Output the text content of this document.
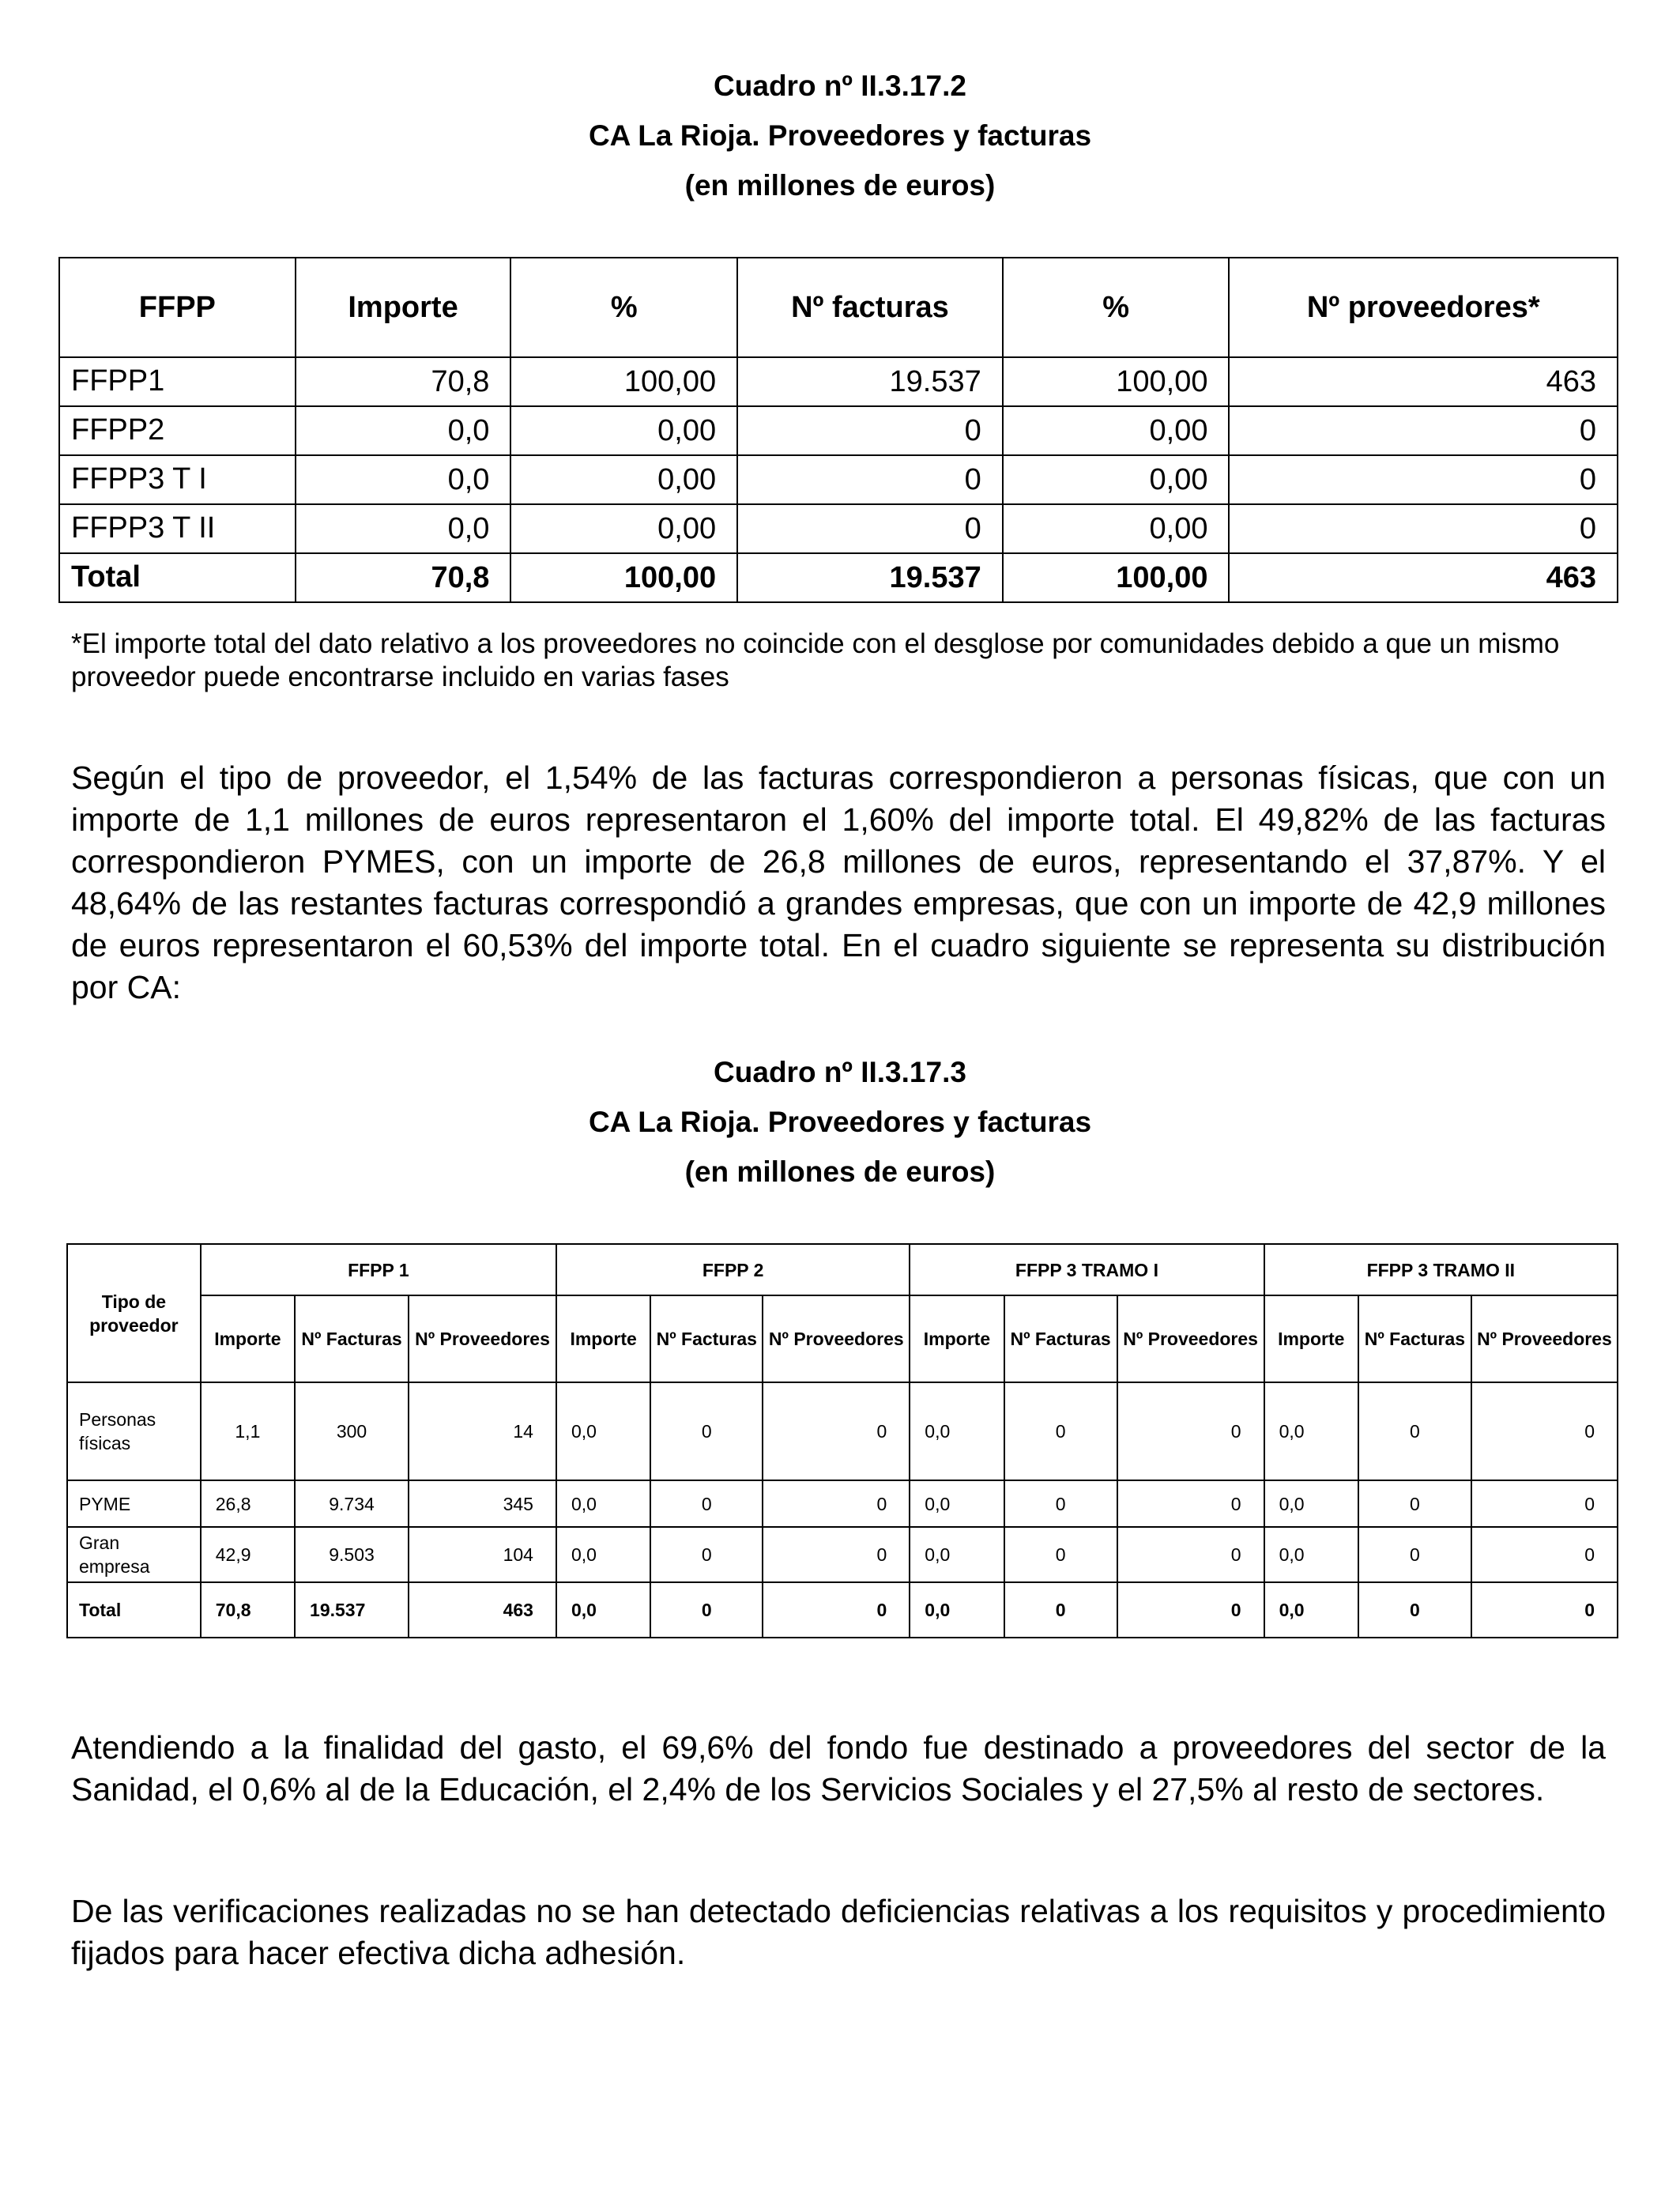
Cuadro nº II.3.17.2
CA La Rioja. Proveedores y facturas
(en millones de euros)
FFPP	Importe	%	Nº facturas	%	Nº proveedores*
FFPP1	70,8	100,00	19.537	100,00	463
FFPP2	0,0	0,00	0	0,00	0
FFPP3 T I	0,0	0,00	0	0,00	0
FFPP3 T II	0,0	0,00	0	0,00	0
Total	70,8	100,00	19.537	100,00	463
*El importe total del dato relativo a los proveedores no coincide con el desglose por comunidades debido a que un mismo proveedor puede encontrarse incluido en varias fases
Según el tipo de proveedor, el 1,54% de las facturas correspondieron a personas físicas, que con un importe de 1,1 millones de euros representaron el 1,60% del importe total. El 49,82% de las facturas correspondieron PYMES, con un importe de 26,8 millones de euros, representando el 37,87%. Y el 48,64% de las restantes facturas correspondió a grandes empresas, que con un importe de 42,9 millones de euros representaron el 60,53% del importe total. En el cuadro siguiente se representa su distribución por CA:
Cuadro nº II.3.17.3
CA La Rioja. Proveedores y facturas
(en millones de euros)
Tipo de proveedor	FFPP 1			FFPP 2			FFPP 3 TRAMO I			FFPP 3 TRAMO II		
	Importe	Nº Facturas	Nº Proveedores	Importe	Nº Facturas	Nº Proveedores	Importe	Nº Facturas	Nº Proveedores	Importe	Nº Facturas	Nº Proveedores
Personas físicas	1,1	300	14	0,0	0	0	0,0	0	0	0,0	0	0
PYME	26,8	9.734	345	0,0	0	0	0,0	0	0	0,0	0	0
Gran empresa	42,9	9.503	104	0,0	0	0	0,0	0	0	0,0	0	0
Total	70,8	19.537	463	0,0	0	0	0,0	0	0	0,0	0	0
Atendiendo a la finalidad del gasto, el 69,6% del fondo fue destinado a proveedores del sector de la Sanidad, el 0,6% al de la Educación, el 2,4% de los Servicios Sociales y el 27,5% al resto de sectores.
De las verificaciones realizadas no se han detectado deficiencias relativas a los requisitos y procedimiento fijados para hacer efectiva dicha adhesión.
